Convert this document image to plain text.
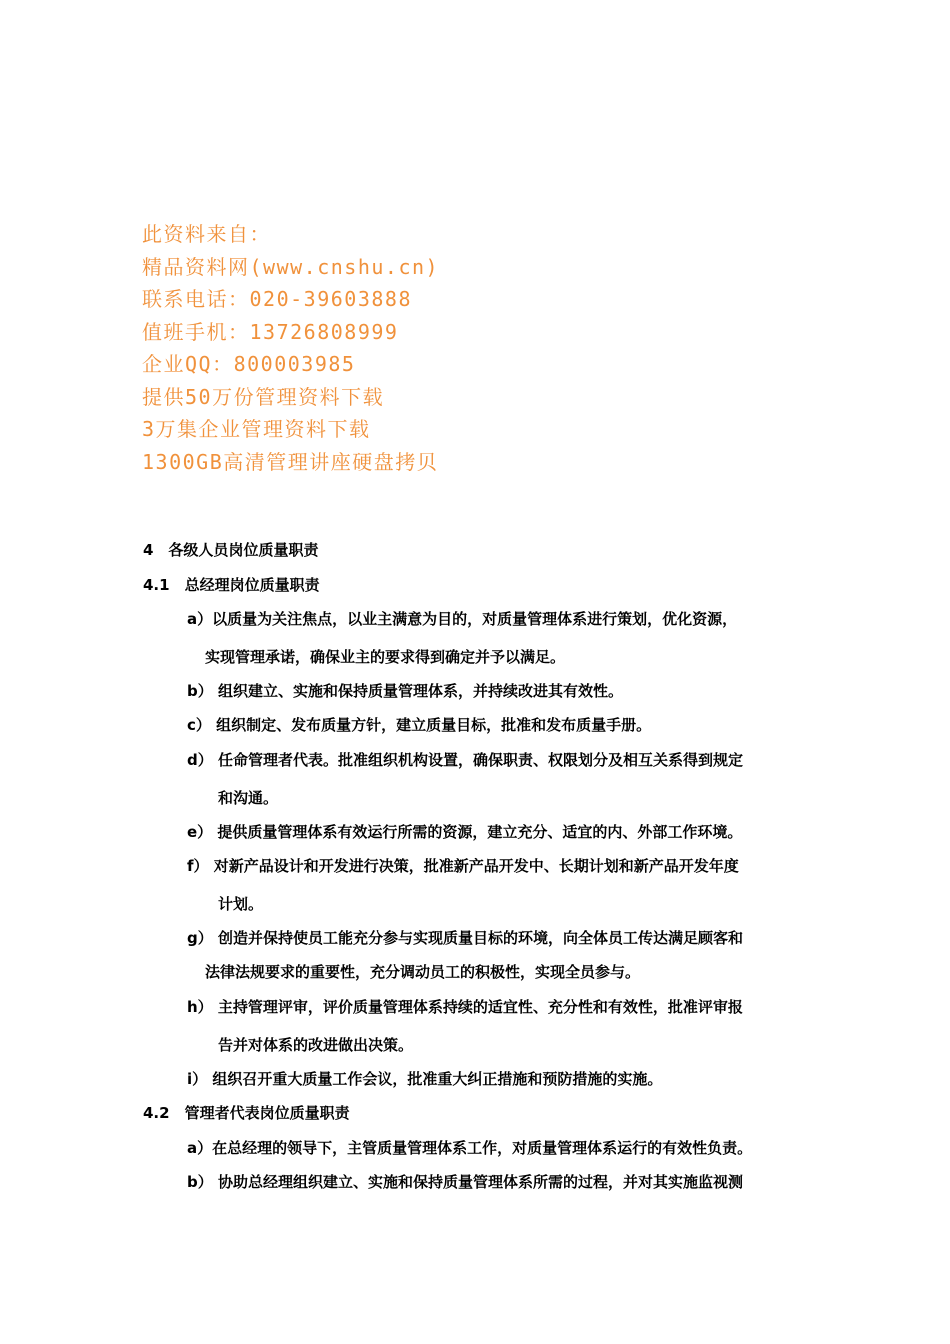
此资料来自：
精品资料网(www.cnshu.cn)
联系电话：020-39603888
值班手机：13726808999
企业QQ：800003985
提供50万份管理资料下载
3万集企业管理资料下载
1300GB高清管理讲座硬盘拷贝
4　各级人员岗位质量职责
4.1　总经理岗位质量职责
a）以质量为关注焦点，以业主满意为目的，对质量管理体系进行策划，优化资源，
实现管理承诺，确保业主的要求得到确定并予以满足。
b） 组织建立、实施和保持质量管理体系，并持续改进其有效性。
c） 组织制定、发布质量方针，建立质量目标，批准和发布质量手册。
d） 任命管理者代表。批准组织机构设置，确保职责、权限划分及相互关系得到规定
和沟通。
e） 提供质量管理体系有效运行所需的资源，建立充分、适宜的内、外部工作环境。
f） 对新产品设计和开发进行决策，批准新产品开发中、长期计划和新产品开发年度
计划。
g） 创造并保持使员工能充分参与实现质量目标的环境，向全体员工传达满足顾客和
法律法规要求的重要性，充分调动员工的积极性，实现全员参与。
h） 主持管理评审，评价质量管理体系持续的适宜性、充分性和有效性，批准评审报
告并对体系的改进做出决策。
i） 组织召开重大质量工作会议，批准重大纠正措施和预防措施的实施。
4.2　管理者代表岗位质量职责
a）在总经理的领导下，主管质量管理体系工作，对质量管理体系运行的有效性负责。
b） 协助总经理组织建立、实施和保持质量管理体系所需的过程，并对其实施监视测
